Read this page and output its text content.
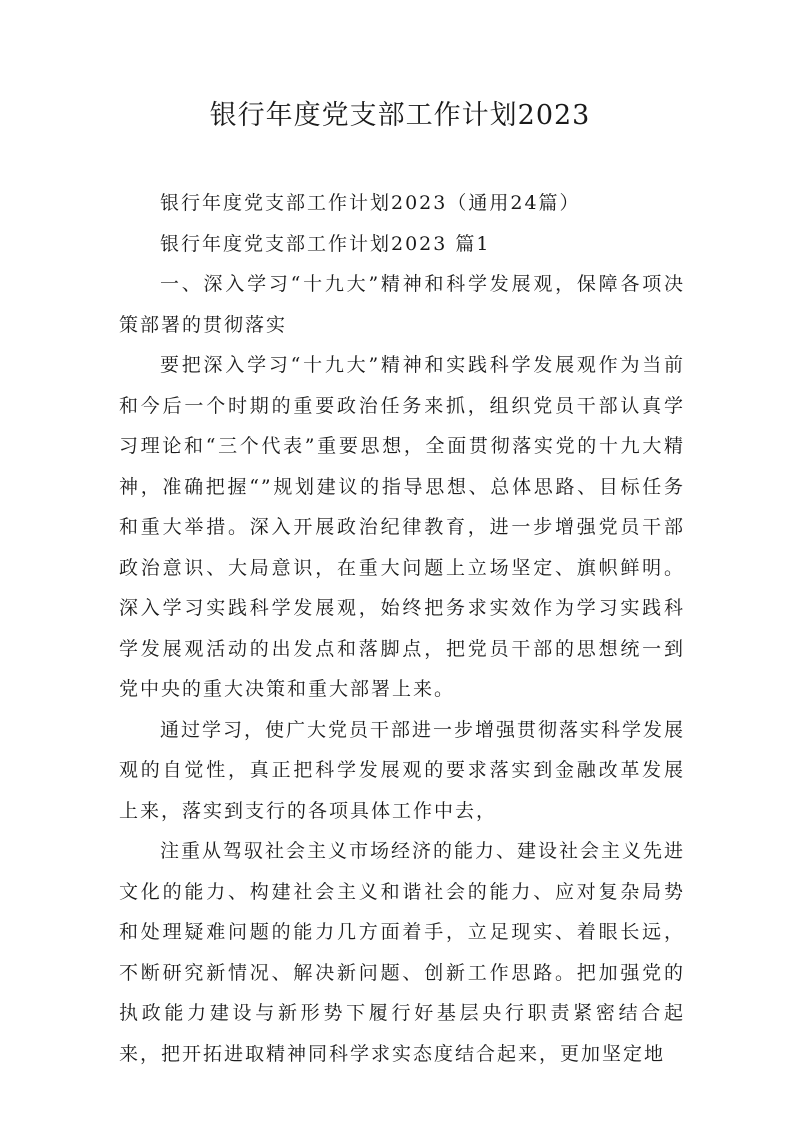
银行年度党支部工作计划2023

银行年度党支部工作计划2023（通用24篇）

银行年度党支部工作计划2023 篇1

一、深入学习“十九大”精神和科学发展观，保障各项决策部署的贯彻落实

要把深入学习“十九大”精神和实践科学发展观作为当前和今后一个时期的重要政治任务来抓，组织党员干部认真学习理论和“三个代表”重要思想，全面贯彻落实党的十九大精神，准确把握“”规划建议的指导思想、总体思路、目标任务和重大举措。深入开展政治纪律教育，进一步增强党员干部政治意识、大局意识，在重大问题上立场坚定、旗帜鲜明。深入学习实践科学发展观，始终把务求实效作为学习实践科学发展观活动的出发点和落脚点，把党员干部的思想统一到党中央的重大决策和重大部署上来。

通过学习，使广大党员干部进一步增强贯彻落实科学发展观的自觉性，真正把科学发展观的要求落实到金融改革发展上来，落实到支行的各项具体工作中去，

注重从驾驭社会主义市场经济的能力、建设社会主义先进文化的能力、构建社会主义和谐社会的能力、应对复杂局势和处理疑难问题的能力几方面着手，立足现实、着眼长远，不断研究新情况、解决新问题、创新工作思路。把加强党的执政能力建设与新形势下履行好基层央行职责紧密结合起来，把开拓进取精神同科学求实态度结合起来，更加坚定地
